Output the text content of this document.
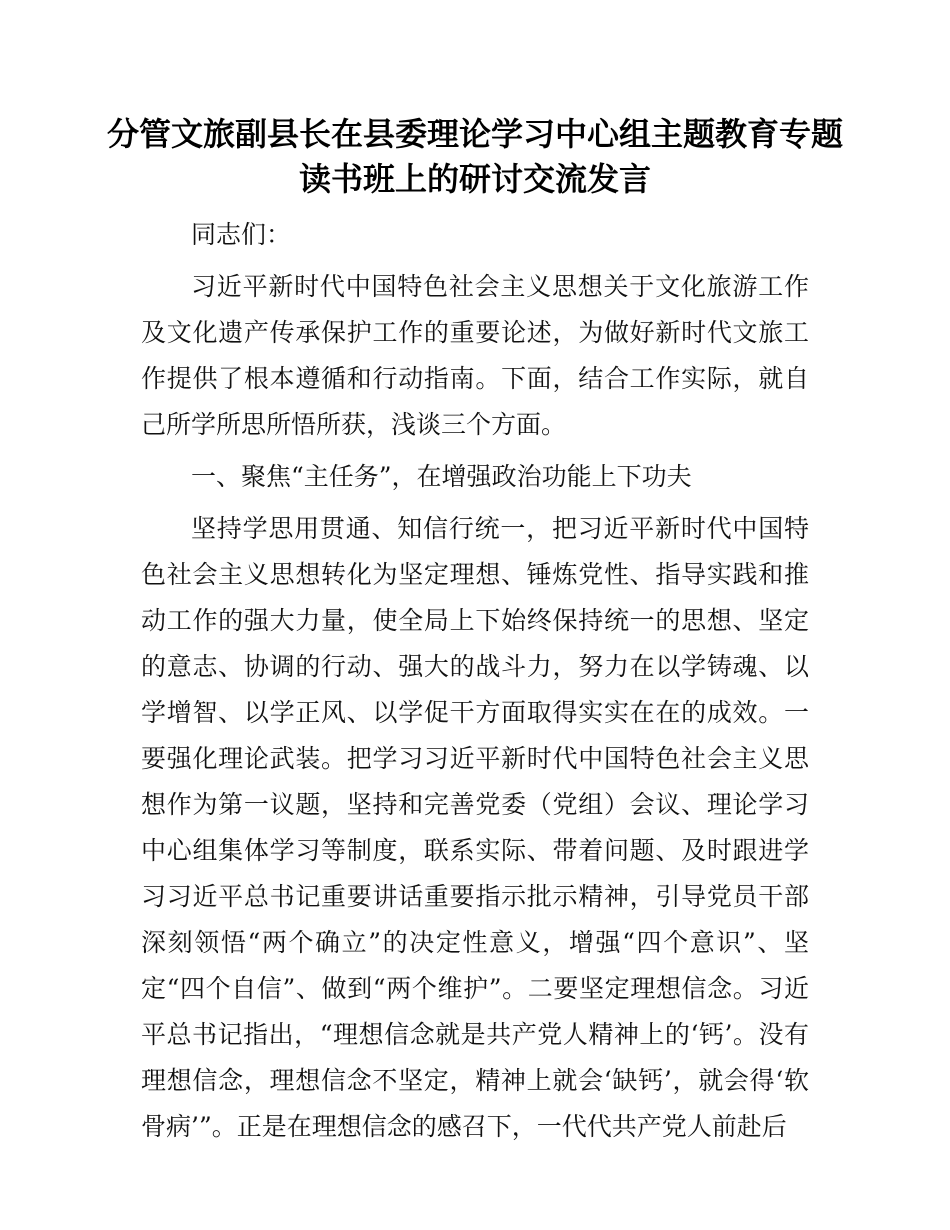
分管文旅副县长在县委理论学习中心组主题教育专题读书班上的研讨交流发言

同志们：

习近平新时代中国特色社会主义思想关于文化旅游工作及文化遗产传承保护工作的重要论述，为做好新时代文旅工作提供了根本遵循和行动指南。下面，结合工作实际，就自己所学所思所悟所获，浅谈三个方面。

一、聚焦“主任务”，在增强政治功能上下功夫

坚持学思用贯通、知信行统一，把习近平新时代中国特色社会主义思想转化为坚定理想、锤炼党性、指导实践和推动工作的强大力量，使全局上下始终保持统一的思想、坚定的意志、协调的行动、强大的战斗力，努力在以学铸魂、以学增智、以学正风、以学促干方面取得实实在在的成效。一要强化理论武装。把学习习近平新时代中国特色社会主义思想作为第一议题，坚持和完善党委（党组）会议、理论学习中心组集体学习等制度，联系实际、带着问题、及时跟进学习习近平总书记重要讲话重要指示批示精神，引导党员干部深刻领悟“两个确立”的决定性意义，增强“四个意识”、坚定“四个自信”、做到“两个维护”。二要坚定理想信念。习近平总书记指出，“理想信念就是共产党人精神上的‘钙’。没有理想信念，理想信念不坚定，精神上就会‘缺钙’，就会得‘软骨病’”。正是在理想信念的感召下，一代代共产党人前赴后
